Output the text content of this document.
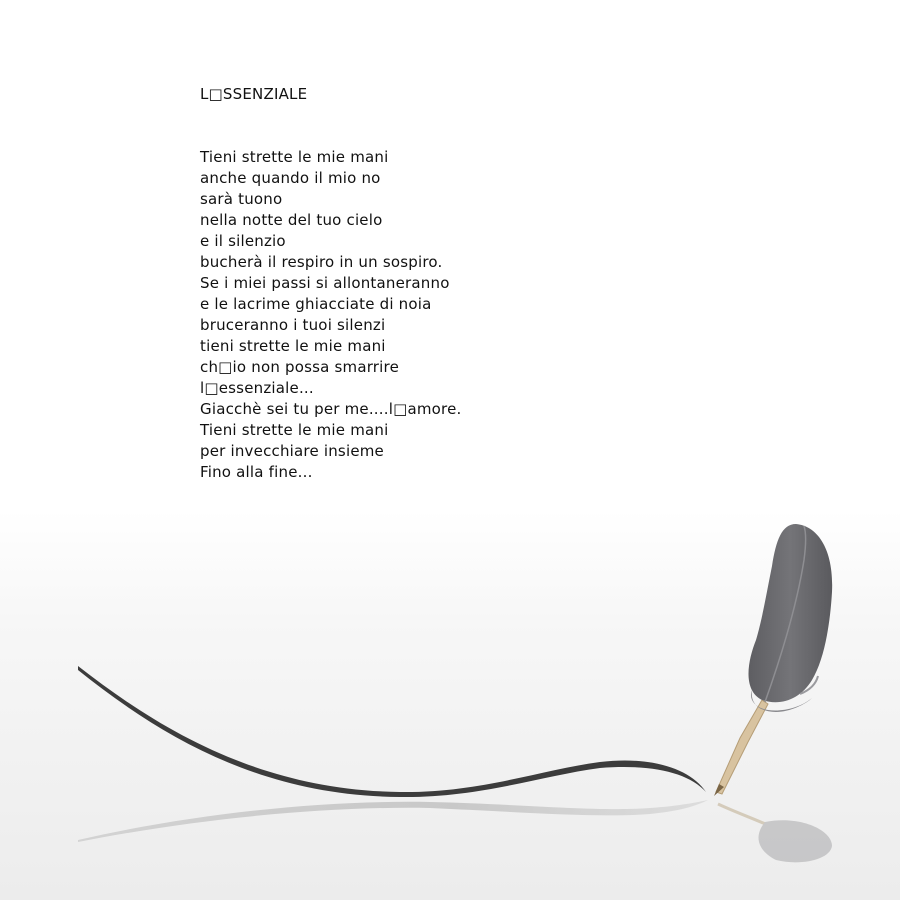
L□SSENZIALE
Tieni strette le mie mani
anche quando il mio no
sarà tuono
nella notte del tuo cielo
e il silenzio
bucherà il respiro in un sospiro.
Se i miei passi si allontaneranno
e le lacrime ghiacciate di noia
bruceranno i tuoi silenzi
tieni strette le mie mani
ch□io non possa smarrire
l□essenziale...
Giacchè sei tu per me....l□amore.
Tieni strette le mie mani
per invecchiare insieme
Fino alla fine...
